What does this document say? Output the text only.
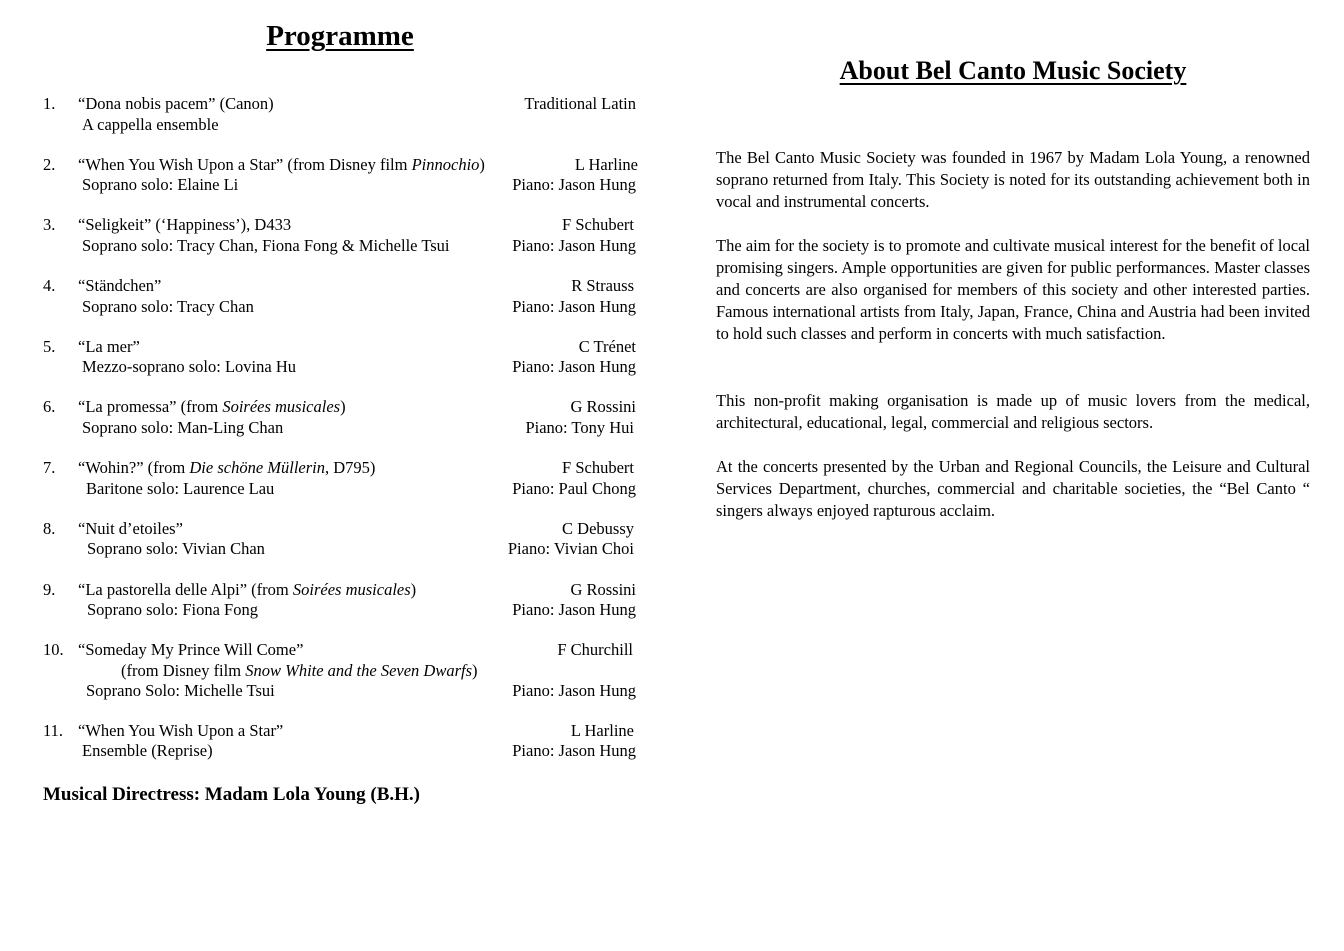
Programme
1. “Dona nobis pacem” (Canon)	Traditional Latin
A cappella ensemble
2. “When You Wish Upon a Star” (from Disney film Pinnochio)	L Harline
Soprano solo: Elaine Li	Piano: Jason Hung
3. “Seligkeit” (‘Happiness’), D433	F Schubert
Soprano solo: Tracy Chan, Fiona Fong & Michelle Tsui	Piano: Jason Hung
4. “Ständchen”	R Strauss
Soprano solo: Tracy Chan	Piano: Jason Hung
5. “La mer”	C Trénet
Mezzo-soprano solo: Lovina Hu	Piano: Jason Hung
6. “La promessa” (from Soirées musicales)	G Rossini
Soprano solo: Man-Ling Chan	Piano: Tony Hui
7. “Wohin?” (from Die schöne Müllerin, D795)	F Schubert
Baritone solo: Laurence Lau	Piano: Paul Chong
8. “Nuit d’etoiles”	C Debussy
Soprano solo: Vivian Chan	Piano: Vivian Choi
9. “La pastorella delle Alpi” (from Soirées musicales)	G Rossini
Soprano solo: Fiona Fong	Piano: Jason Hung
10. “Someday My Prince Will Come”	F Churchill
(from Disney film Snow White and the Seven Dwarfs)
Soprano Solo: Michelle Tsui	Piano: Jason Hung
11. “When You Wish Upon a Star”	L Harline
Ensemble (Reprise)	Piano: Jason Hung
Musical Directress: Madam Lola Young (B.H.)
About Bel Canto Music Society

The Bel Canto Music Society was founded in 1967 by Madam Lola Young, a renowned soprano returned from Italy. This Society is noted for its outstanding achievement both in vocal and instrumental concerts.

The aim for the society is to promote and cultivate musical interest for the benefit of local promising singers. Ample opportunities are given for public performances. Master classes and concerts are also organised for members of this society and other interested parties. Famous international artists from Italy, Japan, France, China and Austria had been invited to hold such classes and perform in concerts with much satisfaction.

This non-profit making organisation is made up of music lovers from the medical, architectural, educational, legal, commercial and religious sectors.

At the concerts presented by the Urban and Regional Councils, the Leisure and Cultural Services Department, churches, commercial and charitable societies, the “Bel Canto “ singers always enjoyed rapturous acclaim.
